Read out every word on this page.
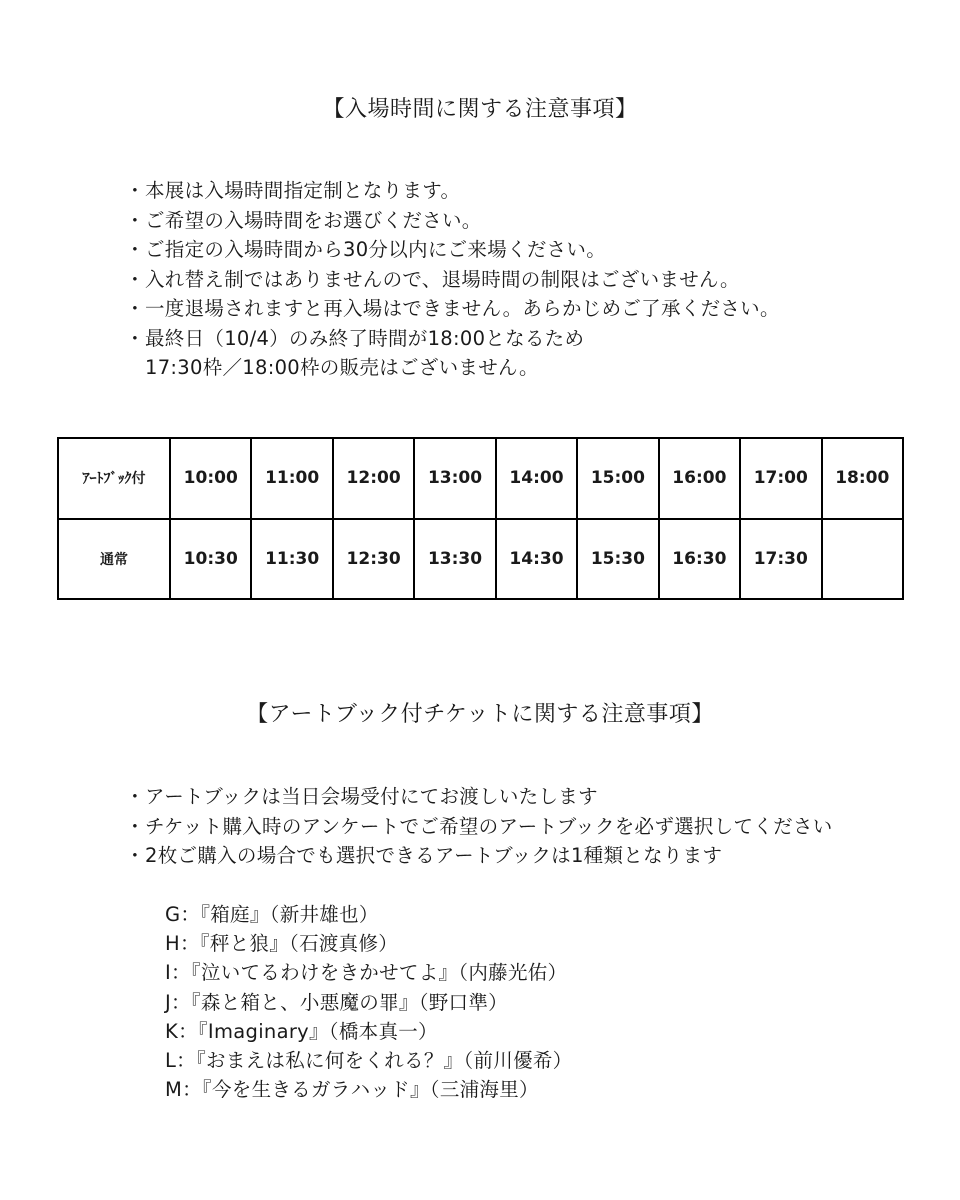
【入場時間に関する注意事項】
・本展は入場時間指定制となります。
・ご希望の入場時間をお選びください。
・ご指定の入場時間から30分以内にご来場ください。
・入れ替え制ではありませんので、退場時間の制限はございません。
・一度退場されますと再入場はできません。あらかじめご了承ください。
・最終日（10/4）のみ終了時間が18:00となるため
17:30枠／18:00枠の販売はございません。
ｱｰﾄﾌﾞｯｸ付	10:00	11:00	12:00	13:00	14:00	15:00	16:00	17:00	18:00
通常	10:30	11:30	12:30	13:30	14:30	15:30	16:30	17:30	
【アートブック付チケットに関する注意事項】
・アートブックは当日会場受付にてお渡しいたします
・チケット購入時のアンケートでご希望のアートブックを必ず選択してください
・2枚ご購入の場合でも選択できるアートブックは1種類となります
G：『箱庭』（新井雄也）
H：『秤と狼』（石渡真修）
I：『泣いてるわけをきかせてよ』（内藤光佑）
J：『森と箱と、小悪魔の罪』（野口準）
K：『Imaginary』（橋本真一）
L：『おまえは私に何をくれる？』（前川優希）
M：『今を生きるガラハッド』（三浦海里）
